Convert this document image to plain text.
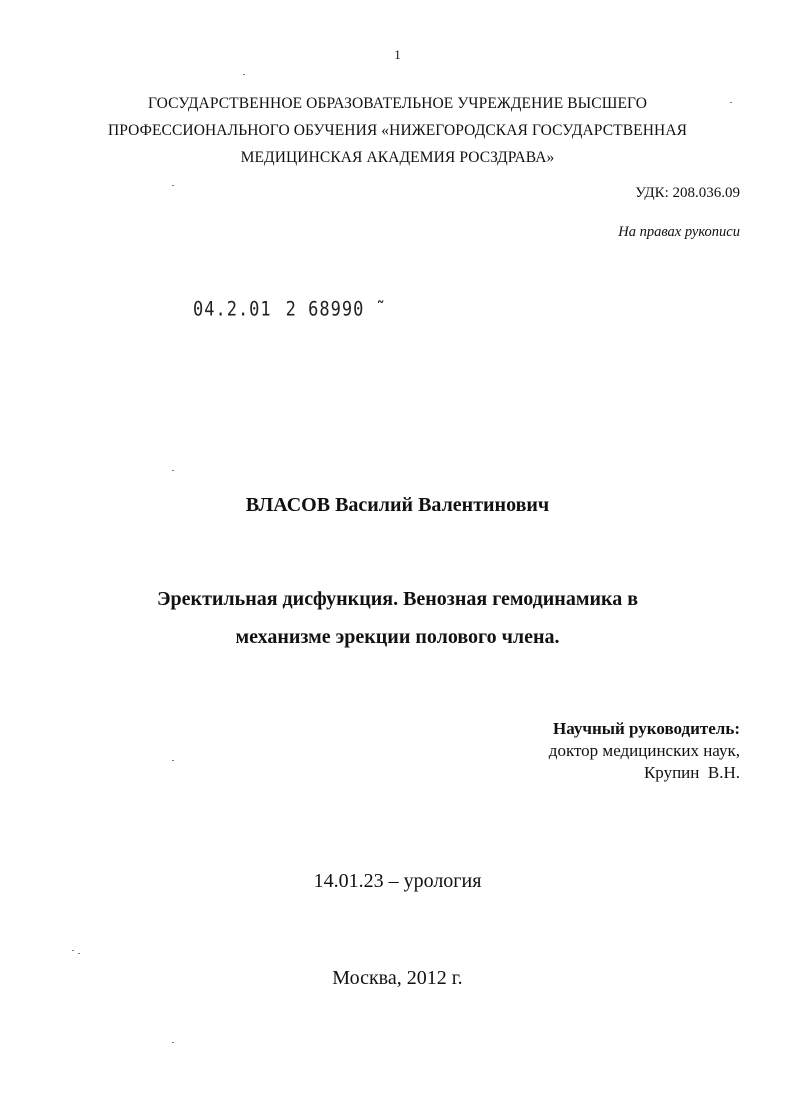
1
ГОСУДАРСТВЕННОЕ ОБРАЗОВАТЕЛЬНОЕ УЧРЕЖДЕНИЕ ВЫСШЕГО
ПРОФЕССИОНАЛЬНОГО ОБУЧЕНИЯ «НИЖЕГОРОДСКАЯ ГОСУДАРСТВЕННАЯ
МЕДИЦИНСКАЯ АКАДЕМИЯ РОСЗДРАВА»
УДК: 208.036.09
На правах рукописи
04.2.01 2 68990 ˜
ВЛАСОВ Василий Валентинович
Эректильная дисфункция. Венозная гемодинамика в
механизме эрекции полового члена.
Научный руководитель:
доктор медицинских наук,
Крупин  В.Н.
14.01.23 – урология
Москва, 2012 г.
